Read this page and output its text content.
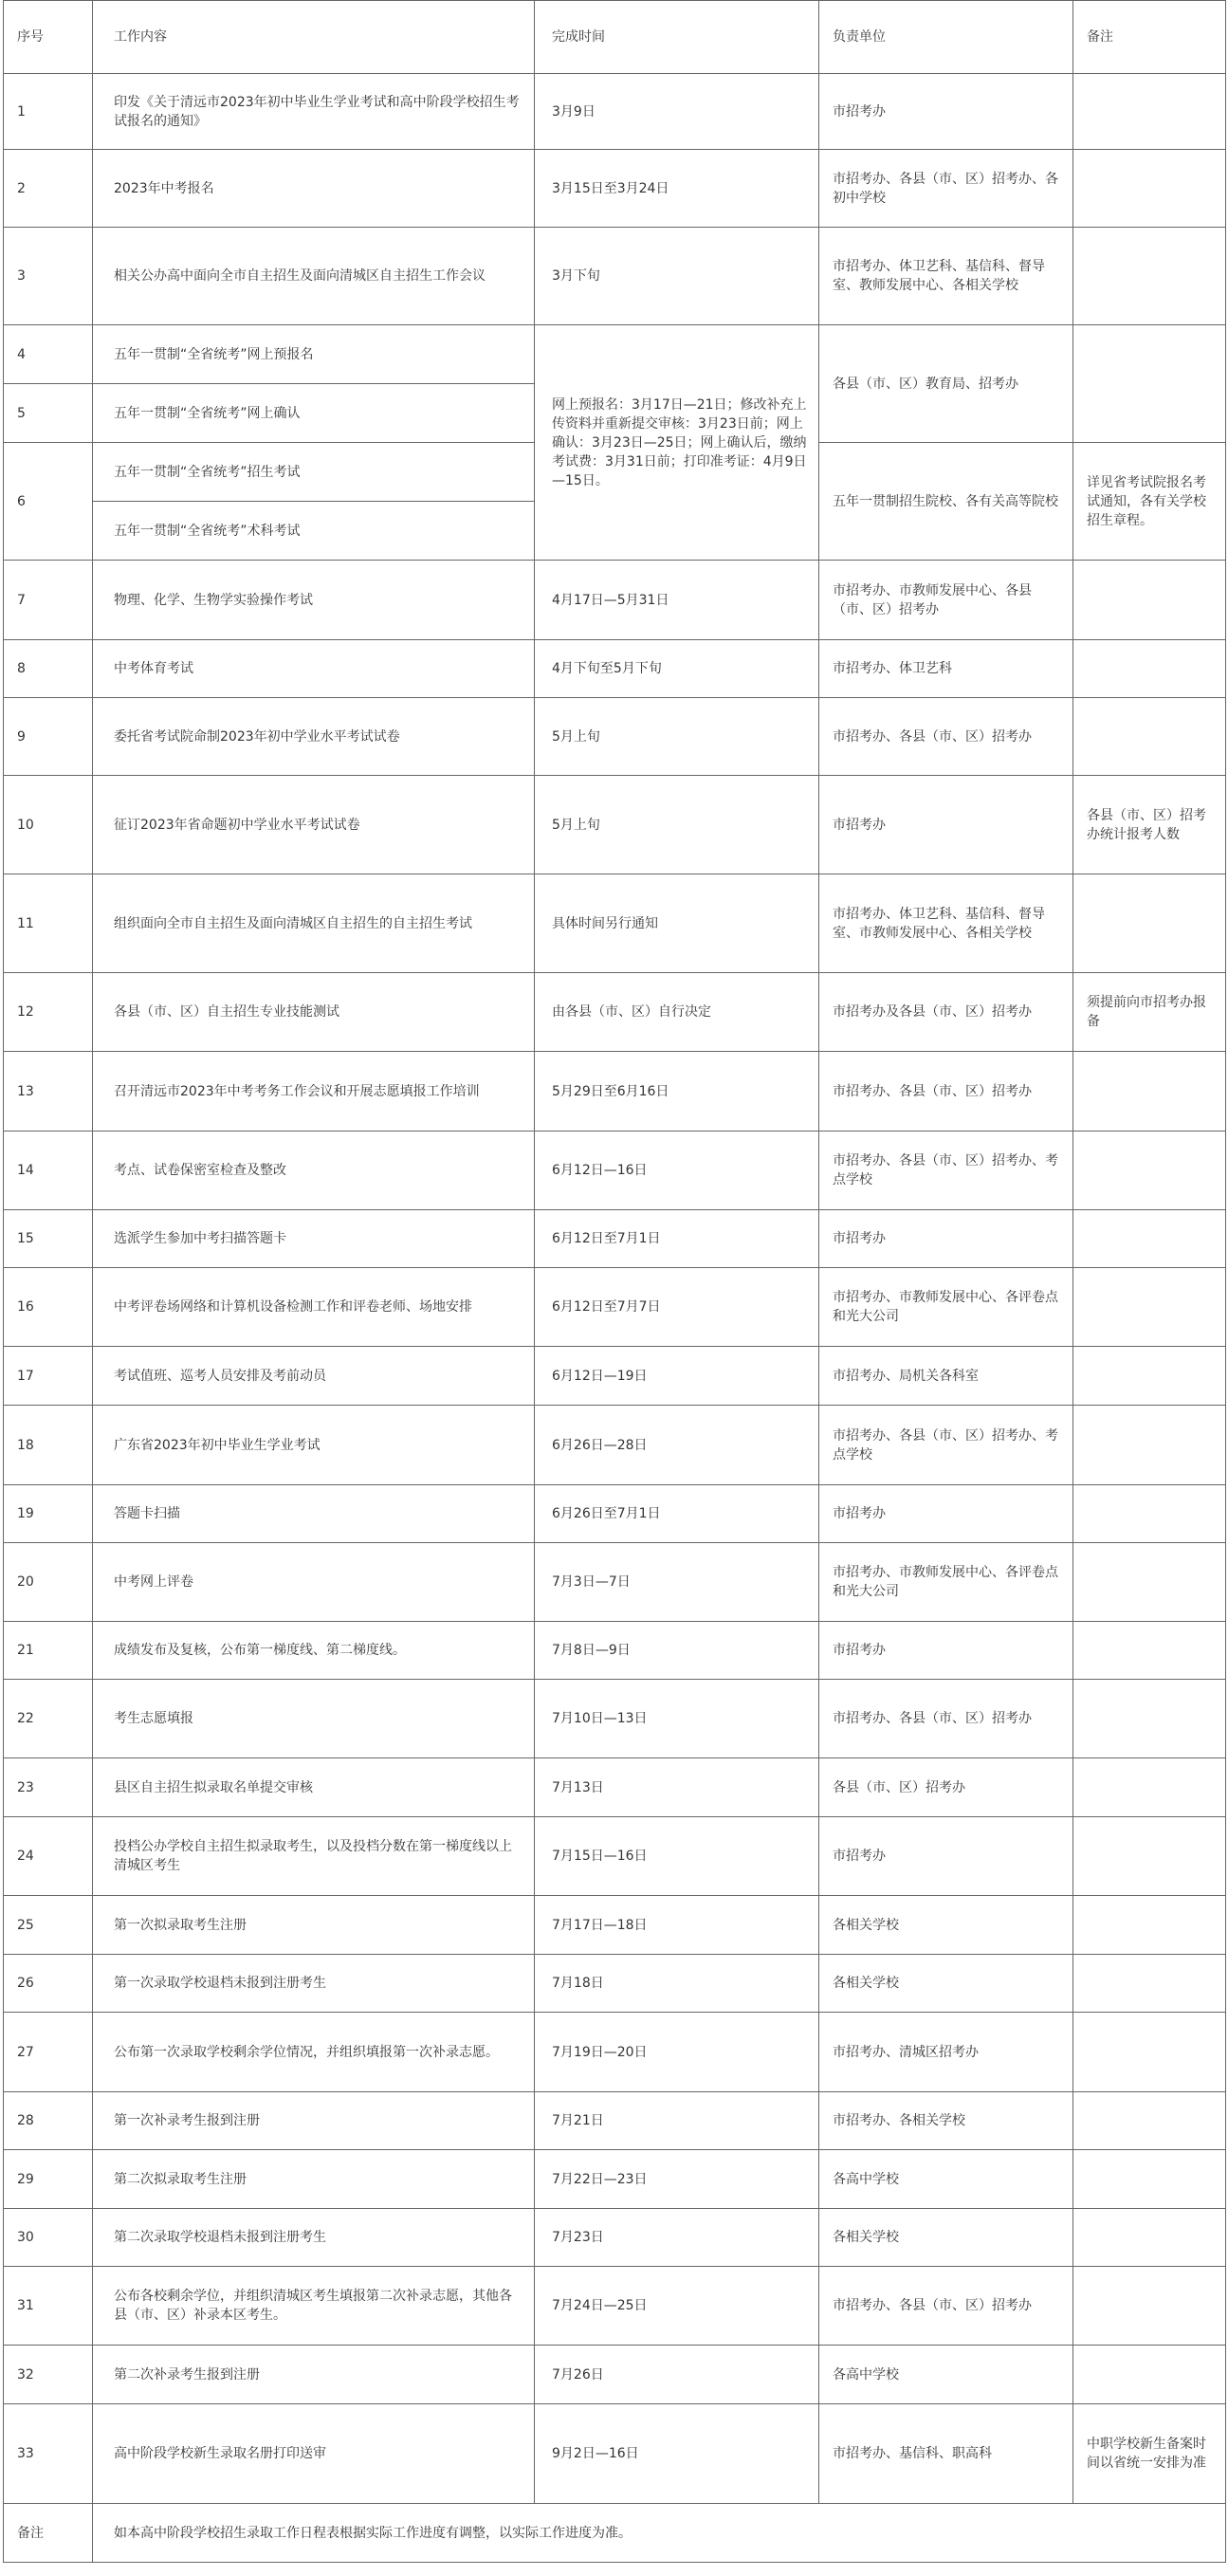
序号	工作内容	完成时间	负责单位	备注
1	印发《关于清远市2023年初中毕业生学业考试和高中阶段学校招生考试报名的通知》	3月9日	市招考办	
2	2023年中考报名	3月15日至3月24日	市招考办、各县（市、区）招考办、各初中学校	
3	相关公办高中面向全市自主招生及面向清城区自主招生工作会议	3月下旬	市招考办、体卫艺科、基信科、督导室、教师发展中心、各相关学校	
4	五年一贯制“全省统考”网上预报名	网上预报名：3月17日—21日；修改补充上传资料并重新提交审核：3月23日前；网上确认：3月23日—25日；网上确认后，缴纳考试费：3月31日前；打印准考证：4月9日—15日。	各县（市、区）教育局、招考办	
5	五年一贯制“全省统考”网上确认			
6	五年一贯制“全省统考”招生考试		五年一贯制招生院校、各有关高等院校	详见省考试院报名考试通知，各有关学校招生章程。
	五年一贯制“全省统考”术科考试			
7	物理、化学、生物学实验操作考试	4月17日—5月31日	市招考办、市教师发展中心、各县（市、区）招考办	
8	中考体育考试	4月下旬至5月下旬	市招考办、体卫艺科	
9	委托省考试院命制2023年初中学业水平考试试卷	5月上旬	市招考办、各县（市、区）招考办	
10	征订2023年省命题初中学业水平考试试卷	5月上旬	市招考办	各县（市、区）招考办统计报考人数
11	组织面向全市自主招生及面向清城区自主招生的自主招生考试	具体时间另行通知	市招考办、体卫艺科、基信科、督导室、市教师发展中心、各相关学校	
12	各县（市、区）自主招生专业技能测试	由各县（市、区）自行决定	市招考办及各县（市、区）招考办	须提前向市招考办报备
13	召开清远市2023年中考考务工作会议和开展志愿填报工作培训	5月29日至6月16日	市招考办、各县（市、区）招考办	
14	考点、试卷保密室检查及整改	6月12日—16日	市招考办、各县（市、区）招考办、考点学校	
15	选派学生参加中考扫描答题卡	6月12日至7月1日	市招考办	
16	中考评卷场网络和计算机设备检测工作和评卷老师、场地安排	6月12日至7月7日	市招考办、市教师发展中心、各评卷点和光大公司	
17	考试值班、巡考人员安排及考前动员	6月12日—19日	市招考办、局机关各科室	
18	广东省2023年初中毕业生学业考试	6月26日—28日	市招考办、各县（市、区）招考办、考点学校	
19	答题卡扫描	6月26日至7月1日	市招考办	
20	中考网上评卷	7月3日—7日	市招考办、市教师发展中心、各评卷点和光大公司	
21	成绩发布及复核，公布第一梯度线、第二梯度线。	7月8日—9日	市招考办	
22	考生志愿填报	7月10日—13日	市招考办、各县（市、区）招考办	
23	县区自主招生拟录取名单提交审核	7月13日	各县（市、区）招考办	
24	投档公办学校自主招生拟录取考生，以及投档分数在第一梯度线以上清城区考生	7月15日—16日	市招考办	
25	第一次拟录取考生注册	7月17日—18日	各相关学校	
26	第一次录取学校退档未报到注册考生	7月18日	各相关学校	
27	公布第一次录取学校剩余学位情况，并组织填报第一次补录志愿。	7月19日—20日	市招考办、清城区招考办	
28	第一次补录考生报到注册	7月21日	市招考办、各相关学校	
29	第二次拟录取考生注册	7月22日—23日	各高中学校	
30	第二次录取学校退档未报到注册考生	7月23日	各相关学校	
31	公布各校剩余学位，并组织清城区考生填报第二次补录志愿，其他各县（市、区）补录本区考生。	7月24日—25日	市招考办、各县（市、区）招考办	
32	第二次补录考生报到注册	7月26日	各高中学校	
33	高中阶段学校新生录取名册打印送审	9月2日—16日	市招考办、基信科、职高科	中职学校新生备案时间以省统一安排为准
备注	如本高中阶段学校招生录取工作日程表根据实际工作进度有调整，以实际工作进度为准。			
